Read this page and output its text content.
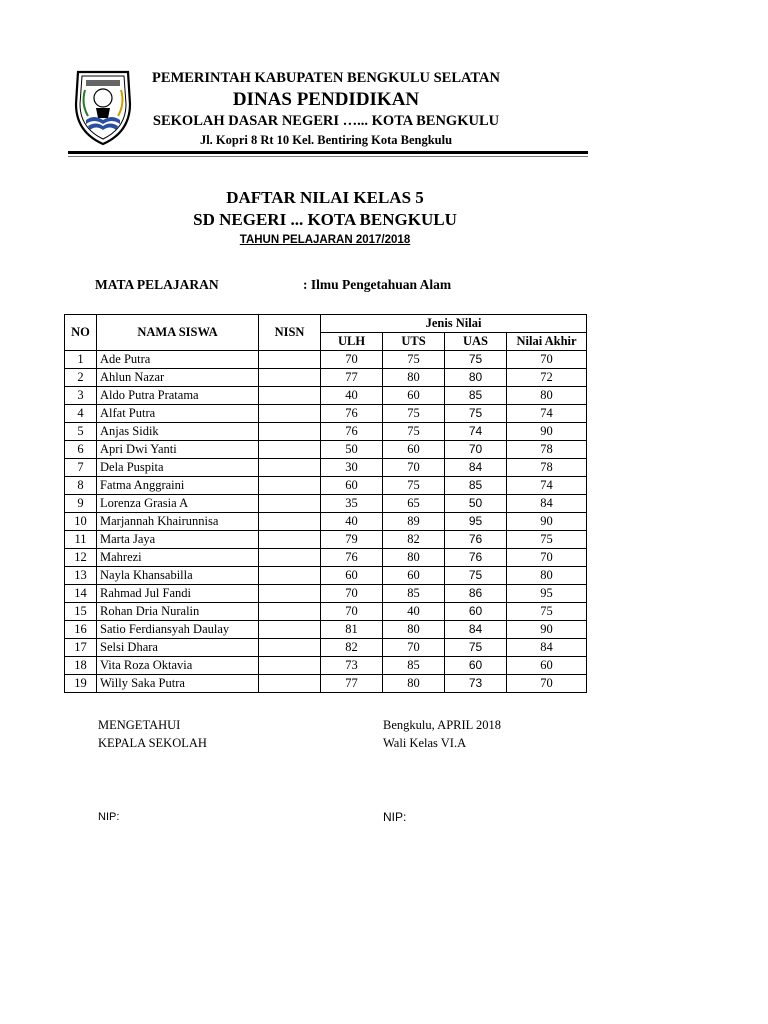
PEMERINTAH KABUPATEN BENGKULU SELATAN
DINAS PENDIDIKAN
SEKOLAH DASAR NEGERI …... KOTA BENGKULU
Jl. Kopri 8 Rt 10 Kel. Bentiring Kota Bengkulu
DAFTAR NILAI KELAS 5
SD NEGERI ... KOTA BENGKULU
TAHUN PELAJARAN 2017/2018
MATA PELAJARAN	: Ilmu Pengetahuan Alam
NO	NAMA SISWA	NISN	Jenis Nilai			
			ULH	UTS	UAS	Nilai Akhir
1	Ade Putra		70	75	75	70
2	Ahlun Nazar		77	80	80	72
3	Aldo Putra Pratama		40	60	85	80
4	Alfat Putra		76	75	75	74
5	Anjas Sidik		76	75	74	90
6	Apri Dwi Yanti		50	60	70	78
7	Dela Puspita		30	70	84	78
8	Fatma Anggraini		60	75	85	74
9	Lorenza Grasia A		35	65	50	84
10	Marjannah Khairunnisa		40	89	95	90
11	Marta Jaya		79	82	76	75
12	Mahrezi		76	80	76	70
13	Nayla Khansabilla		60	60	75	80
14	Rahmad Jul Fandi		70	85	86	95
15	Rohan Dria Nuralin		70	40	60	75
16	Satio Ferdiansyah Daulay		81	80	84	90
17	Selsi Dhara		82	70	75	84
18	Vita Roza Oktavia		73	85	60	60
19	Willy Saka Putra		77	80	73	70
MENGETAHUI
KEPALA SEKOLAH
NIP:
Bengkulu, APRIL 2018
Wali Kelas VI.A
NIP:
